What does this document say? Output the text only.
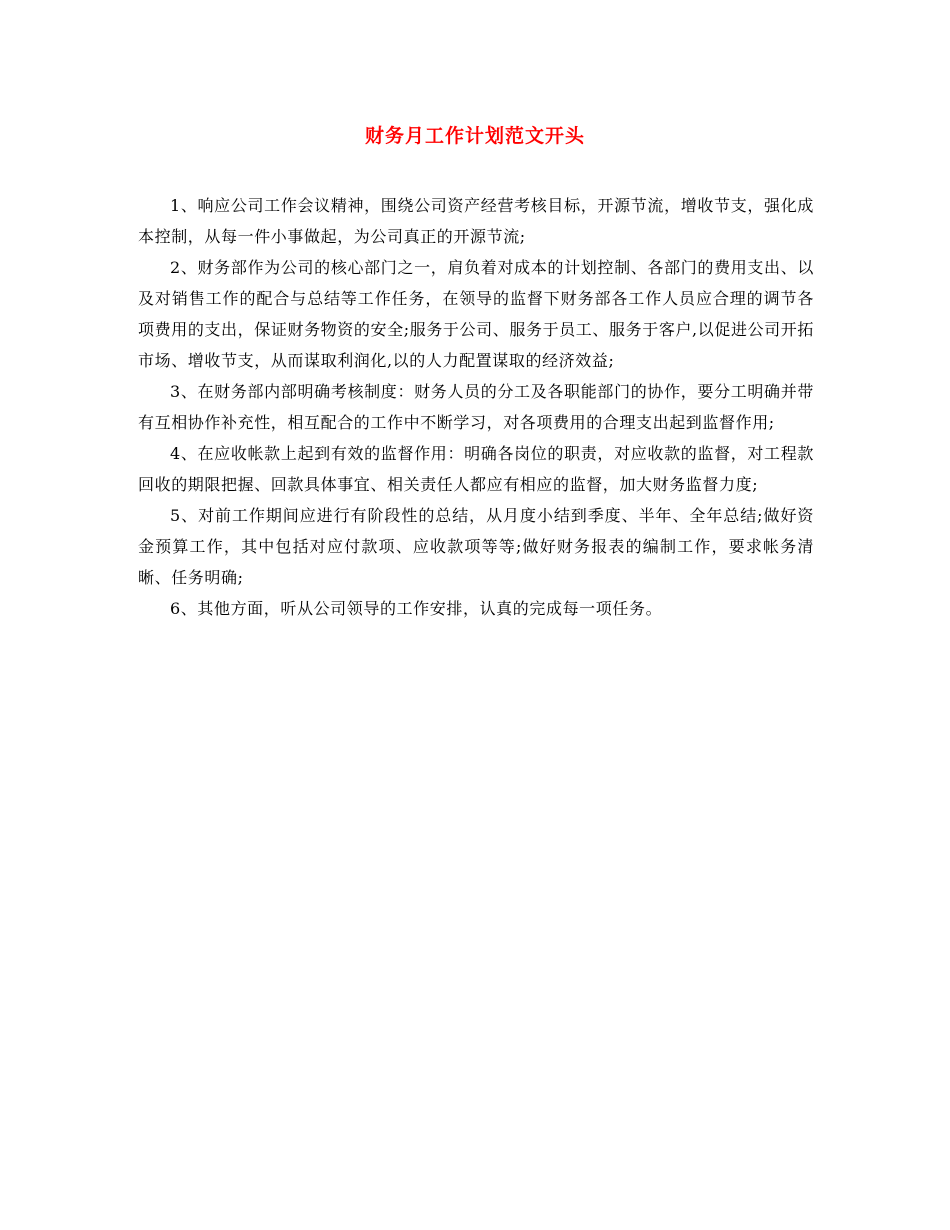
财务月工作计划范文开头

1、响应公司工作会议精神，围绕公司资产经营考核目标，开源节流，增收节支，强化成本控制，从每一件小事做起，为公司真正的开源节流;

2、财务部作为公司的核心部门之一，肩负着对成本的计划控制、各部门的费用支出、以及对销售工作的配合与总结等工作任务，在领导的监督下财务部各工作人员应合理的调节各项费用的支出，保证财务物资的安全;服务于公司、服务于员工、服务于客户,以促进公司开拓市场、增收节支，从而谋取利润化,以的人力配置谋取的经济效益;

3、在财务部内部明确考核制度：财务人员的分工及各职能部门的协作，要分工明确并带有互相协作补充性，相互配合的工作中不断学习，对各项费用的合理支出起到监督作用;

4、在应收帐款上起到有效的监督作用：明确各岗位的职责，对应收款的监督，对工程款回收的期限把握、回款具体事宜、相关责任人都应有相应的监督，加大财务监督力度;

5、对前工作期间应进行有阶段性的总结，从月度小结到季度、半年、全年总结;做好资金预算工作，其中包括对应付款项、应收款项等等;做好财务报表的编制工作，要求帐务清晰、任务明确;

6、其他方面，听从公司领导的工作安排，认真的完成每一项任务。
